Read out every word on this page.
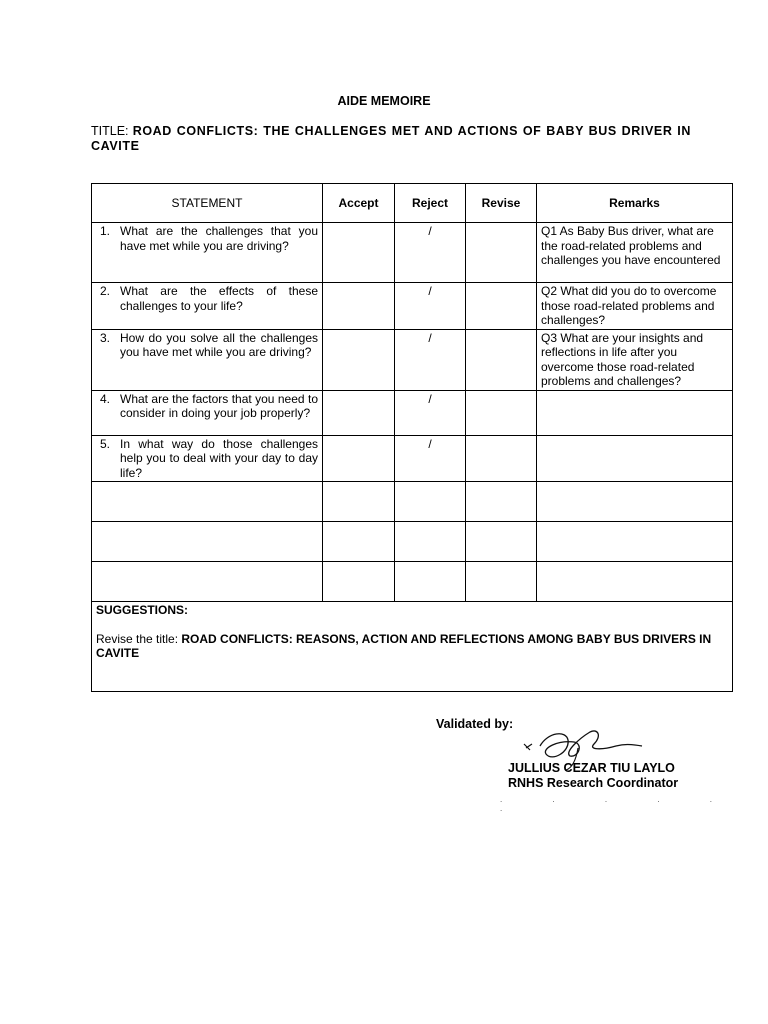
AIDE MEMOIRE
TITLE: ROAD CONFLICTS: THE CHALLENGES MET AND ACTIONS OF BABY BUS DRIVER IN CAVITE
STATEMENT	Accept	Reject	Revise	Remarks

1. What are the challenges that you have met while you are driving?		/		Q1 As Baby Bus driver, what are the road-related problems and challenges you have encountered

2. What are the effects of these challenges to your life?		/		Q2 What did you do to overcome those road-related problems and challenges?

3. How do you solve all the challenges you have met while you are driving?		/		Q3 What are your insights and reflections in life after you overcome those road-related problems and challenges?

4. What are the factors that you need to consider in doing your job properly?		/		

5. In what way do those challenges help you to deal with your day to day life?		/		

SUGGESTIONS:
Revise the title: ROAD CONFLICTS: REASONS, ACTION AND REFLECTIONS AMONG BABY BUS DRIVERS IN CAVITE				
Validated by:
JULLIUS CEZAR TIU LAYLO
RNHS Research Coordinator
. . . . . .
